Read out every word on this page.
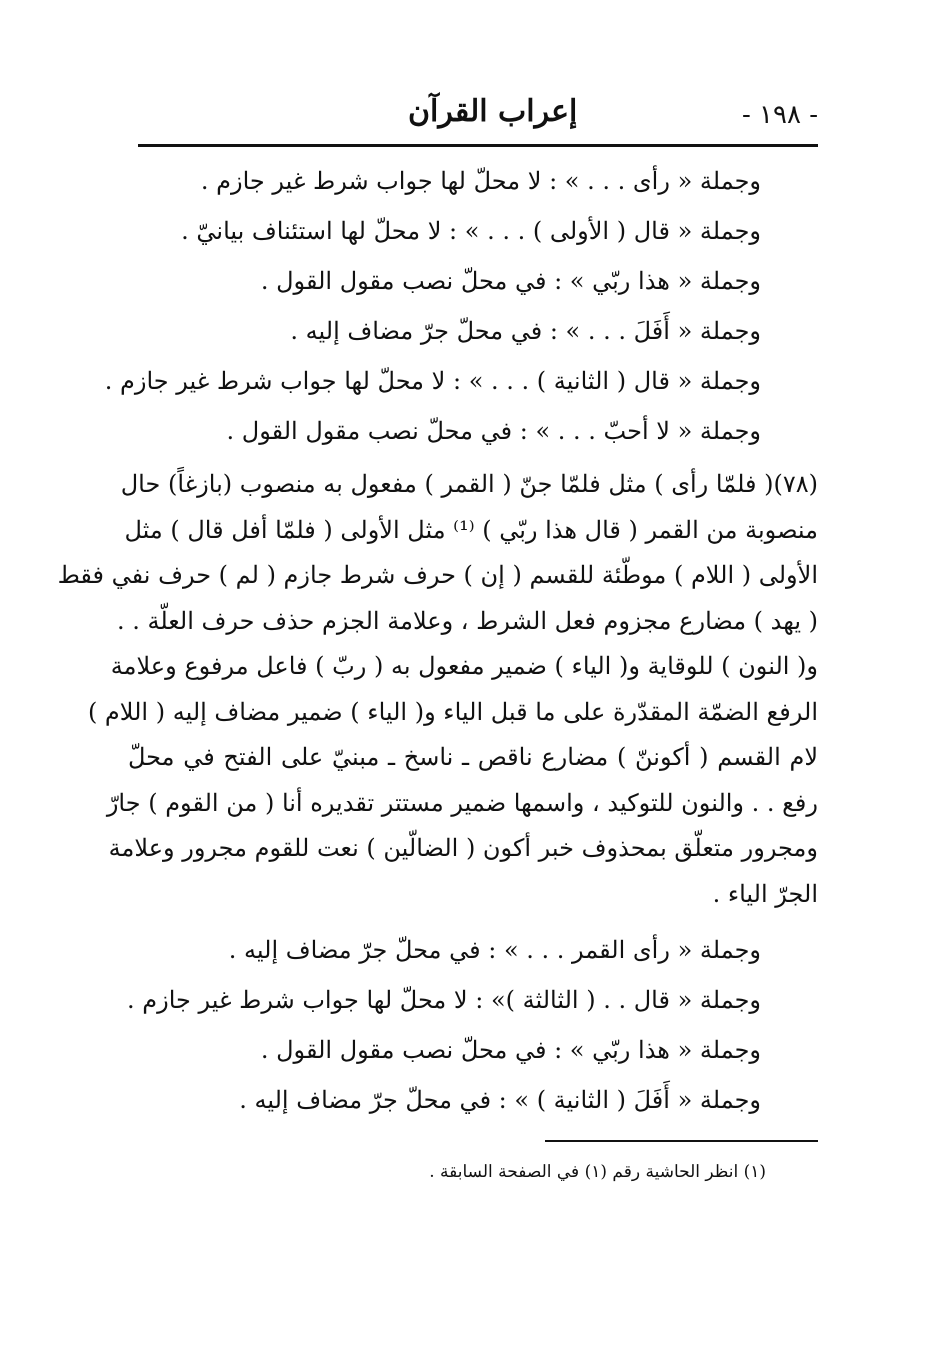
إعراب القرآن	- ١٩٨ -
وجملة « رأى . . . » : لا محلّ لها جواب شرط غير جازم .
وجملة « قال ( الأولى ) . . . » : لا محلّ لها استئناف بيانيّ .
وجملة « هذا ربّي » : في محلّ نصب مقول القول .
وجملة « أَفَلَ . . . » : في محلّ جرّ مضاف إليه .
وجملة « قال ( الثانية ) . . . » : لا محلّ لها جواب شرط غير جازم .
وجملة « لا أحبّ . . . » : في محلّ نصب مقول القول .
(٧٨)( فلمّا رأى ) مثل فلمّا جنّ ( القمر ) مفعول به منصوب (بازغاً) حال
منصوبة من القمر ( قال هذا ربّي ) ⁽¹⁾ مثل الأولى ( فلمّا أفل قال ) مثل
الأولى ( اللام ) موطّئة للقسم ( إن ) حرف شرط جازم ( لم ) حرف نفي فقط
( يهد ) مضارع مجزوم فعل الشرط ، وعلامة الجزم حذف حرف العلّة . .
و( النون ) للوقاية و( الياء ) ضمير مفعول به ( ربّ ) فاعل مرفوع وعلامة
الرفع الضمّة المقدّرة على ما قبل الياء و( الياء ) ضمير مضاف إليه ( اللام )
لام القسم ( أكوننّ ) مضارع ناقص ـ ناسخ ـ مبنيّ على الفتح في محلّ
رفع . . والنون للتوكيد ، واسمها ضمير مستتر تقديره أنا ( من القوم ) جارّ
ومجرور متعلّق بمحذوف خبر أكون ( الضالّين ) نعت للقوم مجرور وعلامة
الجرّ الياء .
وجملة « رأى القمر . . . » : في محلّ جرّ مضاف إليه .
وجملة « قال . . ( الثالثة )» : لا محلّ لها جواب شرط غير جازم .
وجملة « هذا ربّي » : في محلّ نصب مقول القول .
وجملة « أَفَلَ ( الثانية ) » : في محلّ جرّ مضاف إليه .
(١) انظر الحاشية رقم (١) في الصفحة السابقة .
